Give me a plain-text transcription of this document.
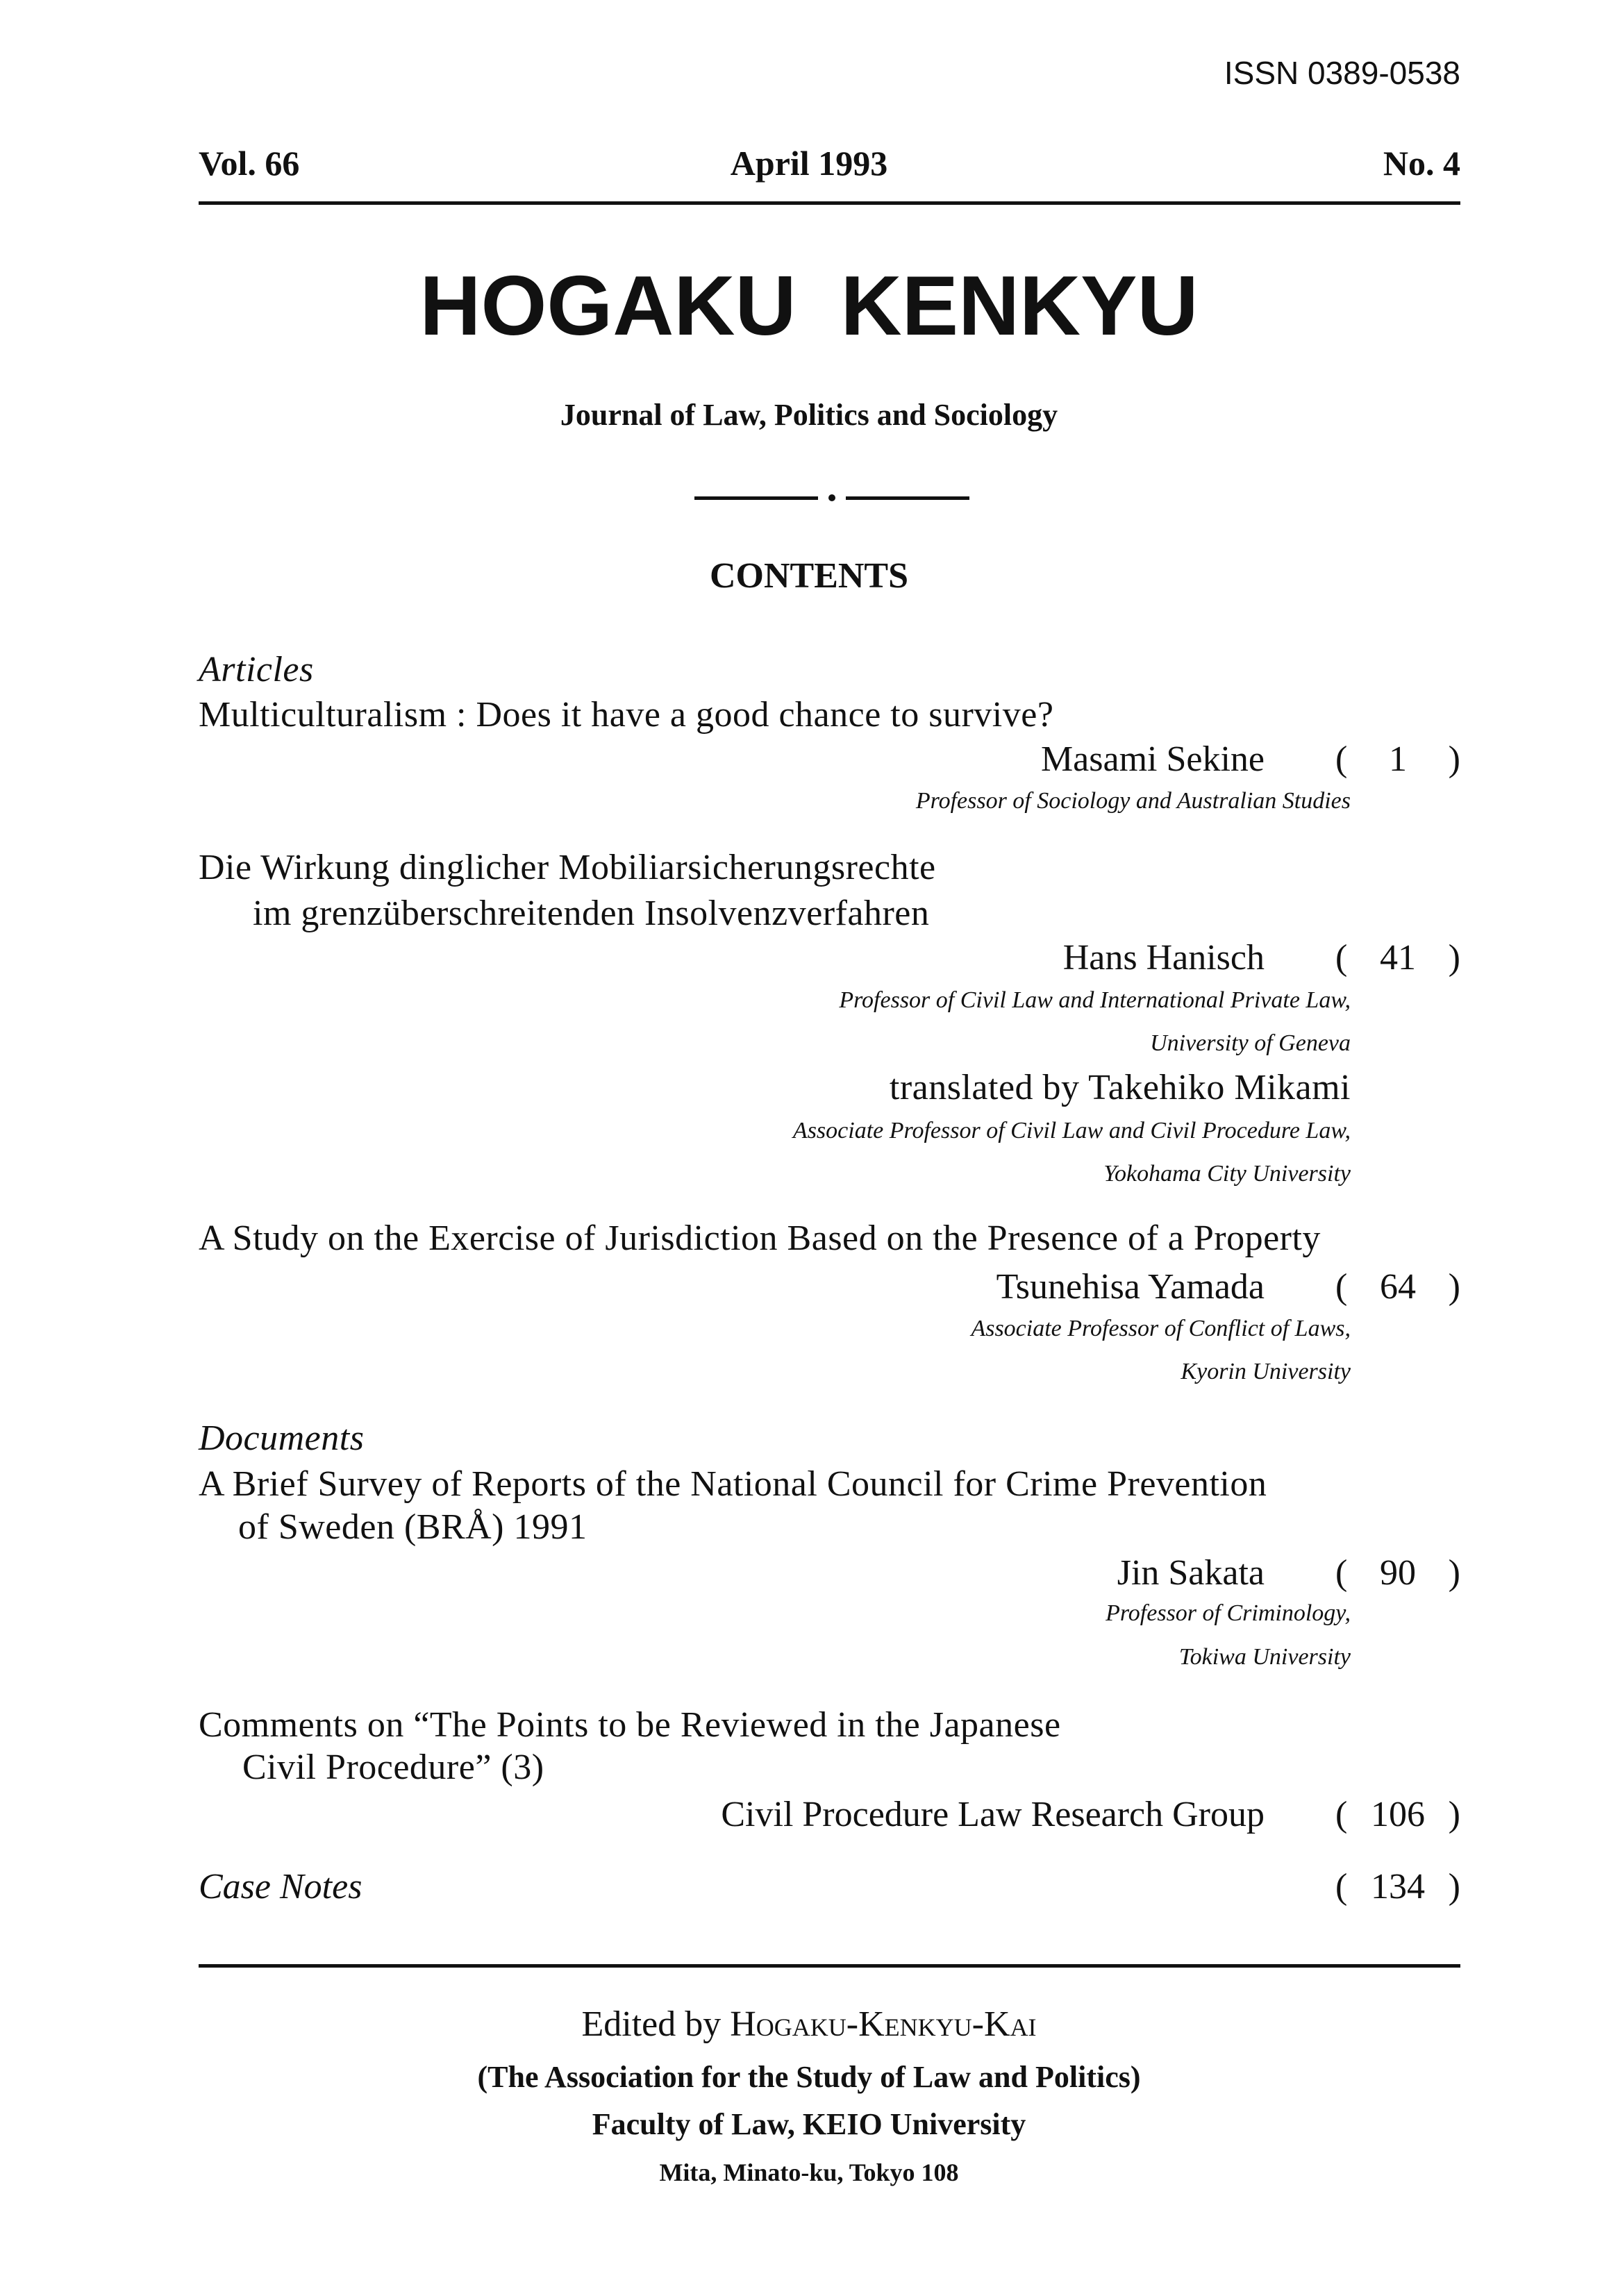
ISSN 0389-0538
Vol. 66	April 1993	No. 4
HOGAKU KENKYU
Journal of Law, Politics and Sociology
CONTENTS
Articles
Multiculturalism : Does it have a good chance to survive?
Masami Sekine ( 1 )
Professor of Sociology and Australian Studies
Die Wirkung dinglicher Mobiliarsicherungsrechte
im grenzüberschreitenden Insolvenzverfahren
Hans Hanisch ( 41 )
Professor of Civil Law and International Private Law,
University of Geneva
translated by Takehiko Mikami
Associate Professor of Civil Law and Civil Procedure Law,
Yokohama City University
A Study on the Exercise of Jurisdiction Based on the Presence of a Property
Tsunehisa Yamada ( 64 )
Associate Professor of Conflict of Laws,
Kyorin University
Documents
A Brief Survey of Reports of the National Council for Crime Prevention
of Sweden (BRÅ) 1991
Jin Sakata ( 90 )
Professor of Criminology,
Tokiwa University
Comments on “The Points to be Reviewed in the Japanese
Civil Procedure” (3)
Civil Procedure Law Research Group ( 106 )
Case Notes	( 134 )
Edited by Hogaku-Kenkyu-Kai
(The Association for the Study of Law and Politics)
Faculty of Law, KEIO University
Mita, Minato-ku, Tokyo 108
